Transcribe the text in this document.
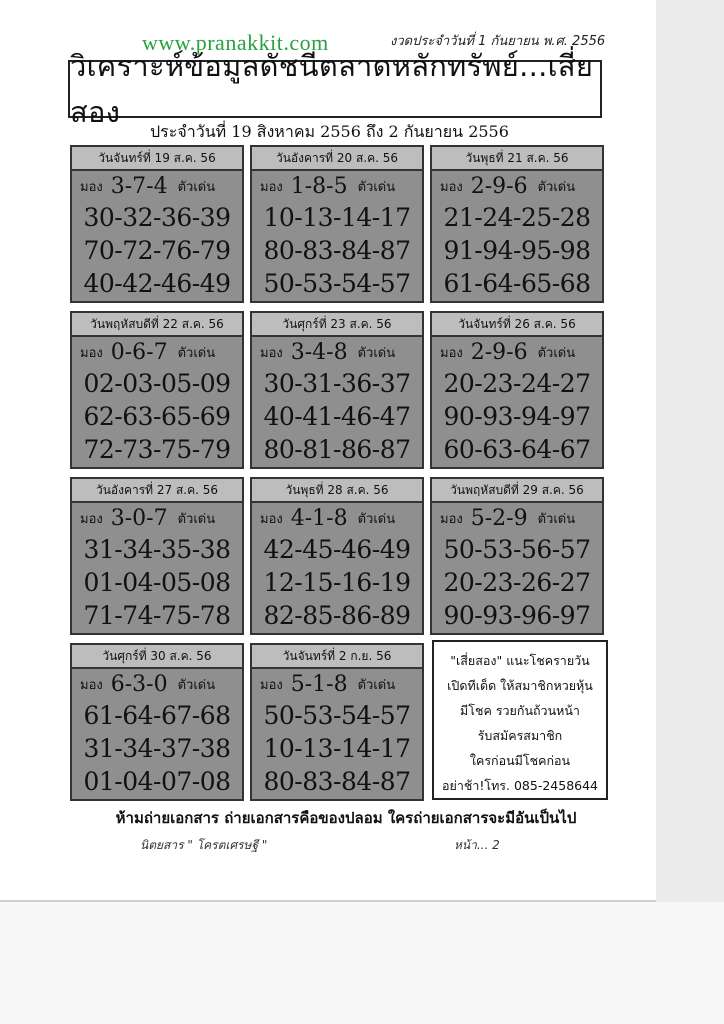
www.pranakkit.com	งวดประจำวันที่ 1 กันยายน พ.ศ. 2556
วิเคราะห์ข้อมูลดัชนีตลาดหลักทรัพย์...เสี่ยสอง
ประจำวันที่ 19 สิงหาคม 2556 ถึง 2 กันยายน 2556
วันจันทร์ที่ 19 ส.ค. 56
มอง 3-7-4 ตัวเด่น
30-32-36-39
70-72-76-79
40-42-46-49
วันอังคารที่ 20 ส.ค. 56
มอง 1-8-5 ตัวเด่น
10-13-14-17
80-83-84-87
50-53-54-57
วันพุธที่ 21 ส.ค. 56
มอง 2-9-6 ตัวเด่น
21-24-25-28
91-94-95-98
61-64-65-68
วันพฤหัสบดีที่ 22 ส.ค. 56
มอง 0-6-7 ตัวเด่น
02-03-05-09
62-63-65-69
72-73-75-79
วันศุกร์ที่ 23 ส.ค. 56
มอง 3-4-8 ตัวเด่น
30-31-36-37
40-41-46-47
80-81-86-87
วันจันทร์ที่ 26 ส.ค. 56
มอง 2-9-6 ตัวเด่น
20-23-24-27
90-93-94-97
60-63-64-67
วันอังคารที่ 27 ส.ค. 56
มอง 3-0-7 ตัวเด่น
31-34-35-38
01-04-05-08
71-74-75-78
วันพุธที่ 28 ส.ค. 56
มอง 4-1-8 ตัวเด่น
42-45-46-49
12-15-16-19
82-85-86-89
วันพฤหัสบดีที่ 29 ส.ค. 56
มอง 5-2-9 ตัวเด่น
50-53-56-57
20-23-26-27
90-93-96-97
วันศุกร์ที่ 30 ส.ค. 56
มอง 6-3-0 ตัวเด่น
61-64-67-68
31-34-37-38
01-04-07-08
วันจันทร์ที่ 2 ก.ย. 56
มอง 5-1-8 ตัวเด่น
50-53-54-57
10-13-14-17
80-83-84-87
"เสี่ยสอง" แนะโชครายวัน
เปิดทีเด็ด ให้สมาชิกหวยหุ้น
มีโชค รวยกันถ้วนหน้า
รับสมัครสมาชิก
ใครก่อนมีโชคก่อน
อย่าช้า!โทร. 085-2458644
ห้ามถ่ายเอกสาร ถ่ายเอกสารคือของปลอม ใครถ่ายเอกสารจะมีอันเป็นไป
นิตยสาร " โครตเศรษฐี "	หน้า... 2
